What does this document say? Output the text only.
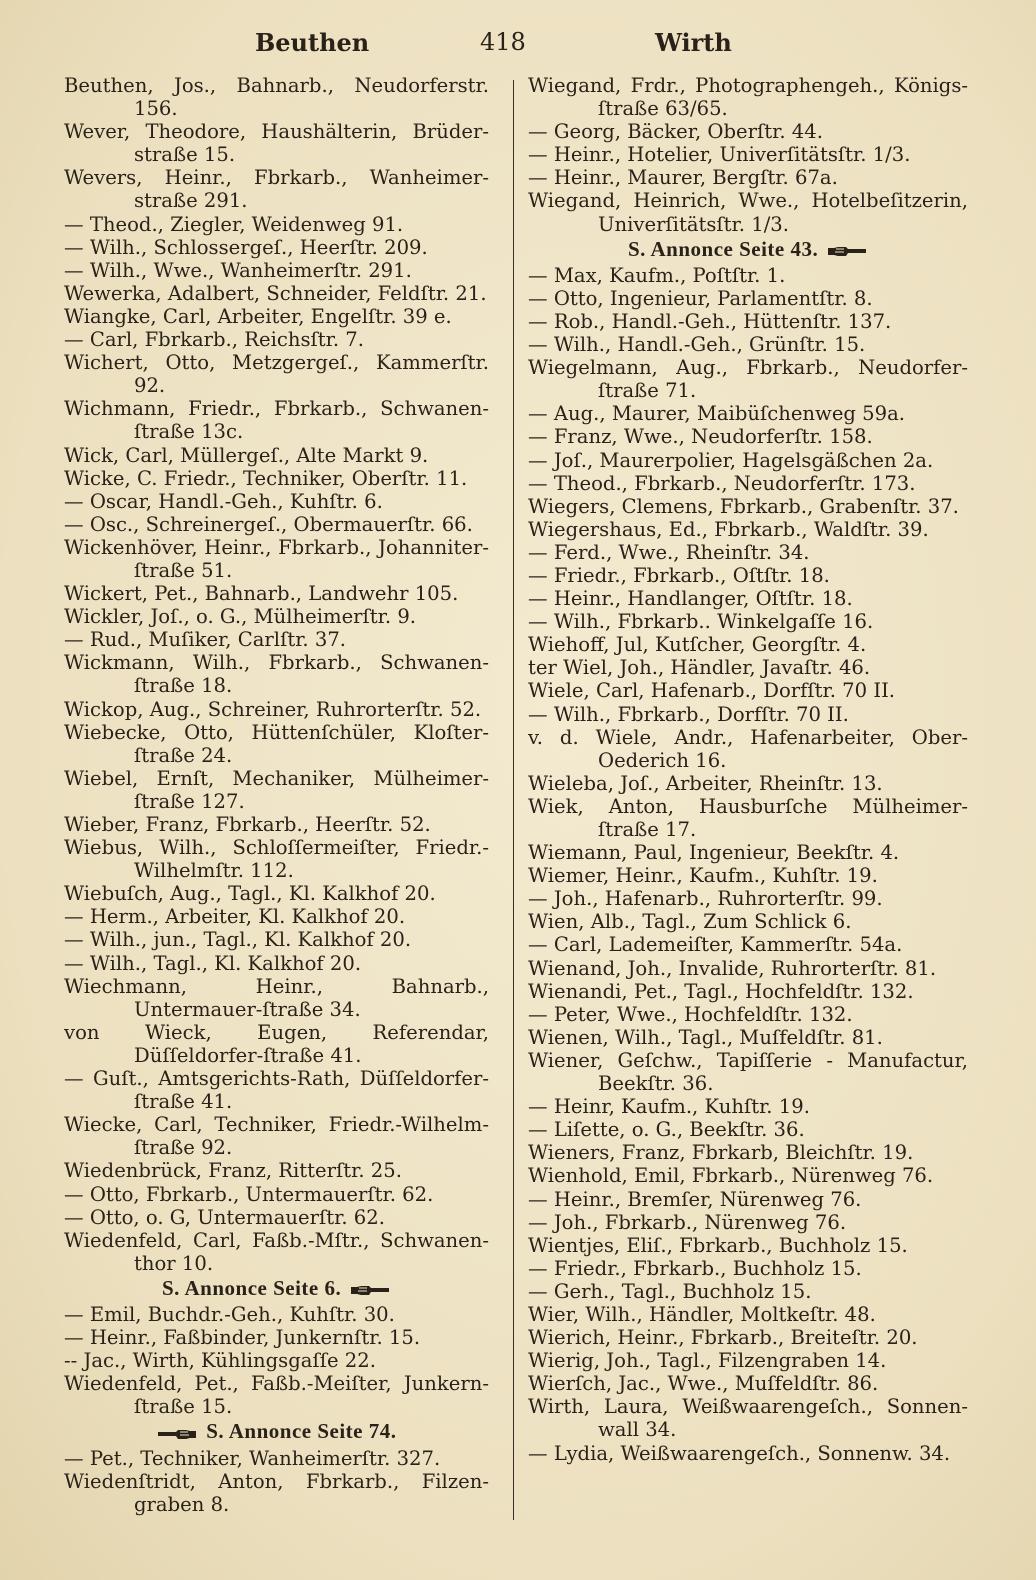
Beuthen	418	Wirth

Beuthen, Jos., Bahnarb., Neudorferstr. 156.

Wever, Theodore, Haushälterin, Brüder-straße 15.

Wevers, Heinr., Fbrkarb., Wanheimer-straße 291.

— Theod., Ziegler, Weidenweg 91.

— Wilh., Schlossergeſ., Heerſtr. 209.

— Wilh., Wwe., Wanheimerſtr. 291.

Wewerka, Adalbert, Schneider, Feldſtr. 21.

Wiangke, Carl, Arbeiter, Engelſtr. 39 e.

— Carl, Fbrkarb., Reichsſtr. 7.

Wichert, Otto, Metzgergeſ., Kammerſtr. 92.

Wichmann, Friedr., Fbrkarb., Schwanen-ſtraße 13c.

Wick, Carl, Müllergeſ., Alte Markt 9.

Wicke, C. Friedr., Techniker, Oberſtr. 11.

— Oscar, Handl.-Geh., Kuhſtr. 6.

— Osc., Schreinergeſ., Obermauerſtr. 66.

Wickenhöver, Heinr., Fbrkarb., Johanniter-ſtraße 51.

Wickert, Pet., Bahnarb., Landwehr 105.

Wickler, Joſ., o. G., Mülheimerſtr. 9.

— Rud., Muſiker, Carlſtr. 37.

Wickmann, Wilh., Fbrkarb., Schwanen-ſtraße 18.

Wickop, Aug., Schreiner, Ruhrorterſtr. 52.

Wiebecke, Otto, Hüttenſchüler, Kloſter-ſtraße 24.

Wiebel, Ernſt, Mechaniker, Mülheimer-ſtraße 127.

Wieber, Franz, Fbrkarb., Heerſtr. 52.

Wiebus, Wilh., Schloſſermeiſter, Friedr.-Wilhelmſtr. 112.

Wiebuſch, Aug., Tagl., Kl. Kalkhof 20.

— Herm., Arbeiter, Kl. Kalkhof 20.

— Wilh., jun., Tagl., Kl. Kalkhof 20.

— Wilh., Tagl., Kl. Kalkhof 20.

Wiechmann, Heinr., Bahnarb., Untermauer-ſtraße 34.

von Wieck, Eugen, Referendar, Düſſeldorfer-ſtraße 41.

— Guſt., Amtsgerichts-Rath, Düſſeldorfer-ſtraße 41.

Wiecke, Carl, Techniker, Friedr.-Wilhelm-ſtraße 92.

Wiedenbrück, Franz, Ritterſtr. 25.

— Otto, Fbrkarb., Untermauerſtr. 62.

— Otto, o. G, Untermauerſtr. 62.

Wiedenfeld, Carl, Faßb.-Mſtr., Schwanen-thor 10.

S. Annonce Seite 6.

— Emil, Buchdr.-Geh., Kuhſtr. 30.

— Heinr., Faßbinder, Junkernſtr. 15.

-- Jac., Wirth, Kühlingsgaſſe 22.

Wiedenfeld, Pet., Faßb.-Meiſter, Junkern-ſtraße 15.

S. Annonce Seite 74.

— Pet., Techniker, Wanheimerſtr. 327.

Wiedenſtridt, Anton, Fbrkarb., Filzen-graben 8.

Wiegand, Frdr., Photographengeh., Königs-ſtraße 63/65.

— Georg, Bäcker, Oberſtr. 44.

— Heinr., Hotelier, Univerſitätsſtr. 1/3.

— Heinr., Maurer, Bergſtr. 67a.

Wiegand, Heinrich, Wwe., Hotelbeſitzerin, Univerſitätsſtr. 1/3.

S. Annonce Seite 43.

— Max, Kaufm., Poſtſtr. 1.

— Otto, Ingenieur, Parlamentſtr. 8.

— Rob., Handl.-Geh., Hüttenſtr. 137.

— Wilh., Handl.-Geh., Grünſtr. 15.

Wiegelmann, Aug., Fbrkarb., Neudorfer-ſtraße 71.

— Aug., Maurer, Maibüſchenweg 59a.

— Franz, Wwe., Neudorferſtr. 158.

— Joſ., Maurerpolier, Hagelsgäßchen 2a.

— Theod., Fbrkarb., Neudorferſtr. 173.

Wiegers, Clemens, Fbrkarb., Grabenſtr. 37.

Wiegershaus, Ed., Fbrkarb., Waldſtr. 39.

— Ferd., Wwe., Rheinſtr. 34.

— Friedr., Fbrkarb., Oſtſtr. 18.

— Heinr., Handlanger, Oſtſtr. 18.

— Wilh., Fbrkarb.. Winkelgaſſe 16.

Wiehoff, Jul, Kutſcher, Georgſtr. 4.

ter Wiel, Joh., Händler, Javaſtr. 46.

Wiele, Carl, Hafenarb., Dorfſtr. 70 II.

— Wilh., Fbrkarb., Dorfſtr. 70 II.

v. d. Wiele, Andr., Hafenarbeiter, Ober-Oederich 16.

Wieleba, Joſ., Arbeiter, Rheinſtr. 13.

Wiek, Anton, Hausburſche Mülheimer-ſtraße 17.

Wiemann, Paul, Ingenieur, Beekſtr. 4.

Wiemer, Heinr., Kaufm., Kuhſtr. 19.

— Joh., Hafenarb., Ruhrorterſtr. 99.

Wien, Alb., Tagl., Zum Schlick 6.

— Carl, Lademeiſter, Kammerſtr. 54a.

Wienand, Joh., Invalide, Ruhrorterſtr. 81.

Wienandi, Pet., Tagl., Hochfeldſtr. 132.

— Peter, Wwe., Hochfeldſtr. 132.

Wienen, Wilh., Tagl., Muſfeldſtr. 81.

Wiener, Geſchw., Tapiſſerie - Manufactur, Beekſtr. 36.

— Heinr, Kaufm., Kuhſtr. 19.

— Liſette, o. G., Beekſtr. 36.

Wieners, Franz, Fbrkarb, Bleichſtr. 19.

Wienhold, Emil, Fbrkarb., Nürenweg 76.

— Heinr., Bremſer, Nürenweg 76.

— Joh., Fbrkarb., Nürenweg 76.

Wientjes, Eliſ., Fbrkarb., Buchholz 15.

— Friedr., Fbrkarb., Buchholz 15.

— Gerh., Tagl., Buchholz 15.

Wier, Wilh., Händler, Moltkeſtr. 48.

Wierich, Heinr., Fbrkarb., Breiteſtr. 20.

Wierig, Joh., Tagl., Filzengraben 14.

Wierſch, Jac., Wwe., Muſfeldſtr. 86.

Wirth, Laura, Weißwaarengeſch., Sonnen-wall 34.

— Lydia, Weißwaarengeſch., Sonnenw. 34.
